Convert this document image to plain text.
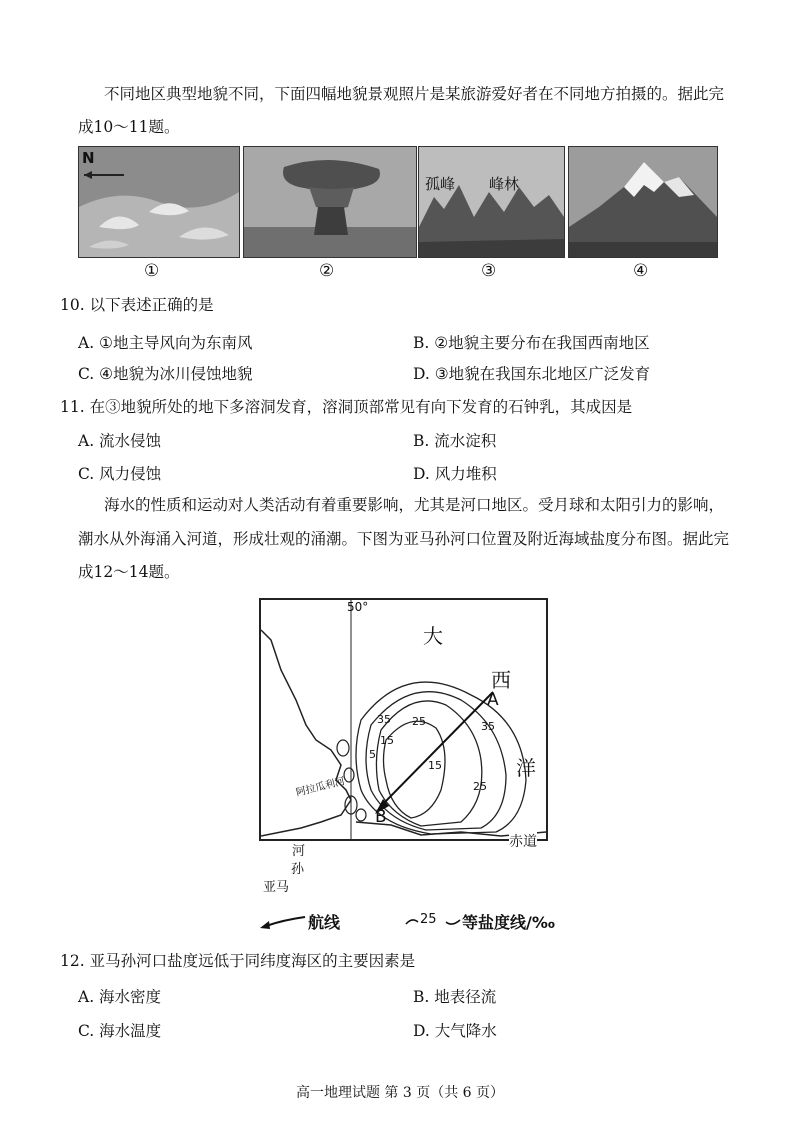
不同地区典型地貌不同，下面四幅地貌景观照片是某旅游爱好者在不同地方拍摄的。据此完
成10～11题。
N
孤峰 峰林
①	②	③	④
10. 以下表述正确的是
A. ①地主导风向为东南风	B. ②地貌主要分布在我国西南地区
C. ④地貌为冰川侵蚀地貌	D. ③地貌在我国东北地区广泛发育
11. 在③地貌所处的地下多溶洞发育，溶洞顶部常见有向下发育的石钟乳，其成因是
A. 流水侵蚀	B. 流水淀积
C. 风力侵蚀	D. 风力堆积
海水的性质和运动对人类活动有着重要影响，尤其是河口地区。受月球和太阳引力的影响，
潮水从外海涌入河道，形成壮观的涌潮。下图为亚马孙河口位置及附近海域盐度分布图。据此完
成12～14题。
50°
大
西
洋
A
B
赤道
阿拉瓜利河
河
孙
亚马
35 25
15
5
15
25
35
航线	25 等盐度线/‰
12. 亚马孙河口盐度远低于同纬度海区的主要因素是
A. 海水密度	B. 地表径流
C. 海水温度	D. 大气降水
高一地理试题 第 3 页（共 6 页）
